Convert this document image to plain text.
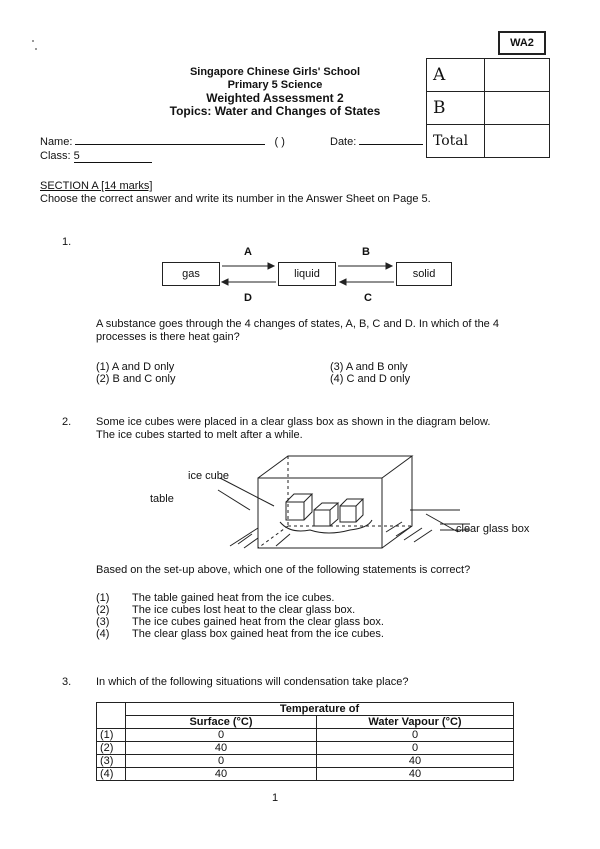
WA2
A	
B	
Total	
Singapore Chinese Girls' School
Primary 5 Science
Weighted Assessment 2
Topics: Water and Changes of States
Name:	( )	Date:
Class: 5
SECTION A [14 marks]
Choose the correct answer and write its number in the Answer Sheet on Page 5.
1.
A	B
gas	liquid	solid
D	C
A substance goes through the 4 changes of states, A, B, C and D. In which of the 4 processes is there heat gain?
(1) A and D only
(2) B and C only
(3) A and B only
(4) C and D only
2. Some ice cubes were placed in a clear glass box as shown in the diagram below. The ice cubes started to melt after a while.
ice cube
table
clear glass box
Based on the set-up above, which one of the following statements is correct?
(1) The table gained heat from the ice cubes.
(2) The ice cubes lost heat to the clear glass box.
(3) The ice cubes gained heat from the clear glass box.
(4) The clear glass box gained heat from the ice cubes.
3. In which of the following situations will condensation take place?
	Temperature of	
	Surface (°C)	Water Vapour (°C)
(1)	0	0
(2)	40	0
(3)	0	40
(4)	40	40
1
